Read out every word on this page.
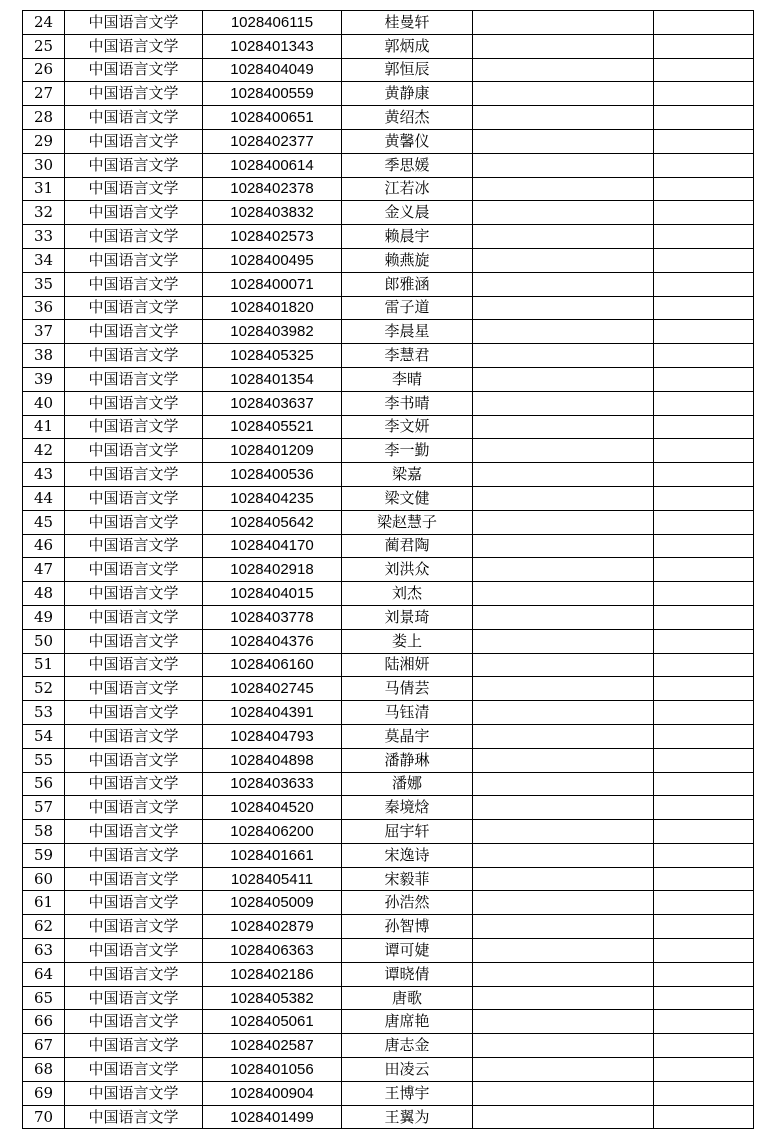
24	中国语言文学	1028406115	桂曼轩		
25	中国语言文学	1028401343	郭炳成		
26	中国语言文学	1028404049	郭恒辰		
27	中国语言文学	1028400559	黄静康		
28	中国语言文学	1028400651	黄绍杰		
29	中国语言文学	1028402377	黄馨仪		
30	中国语言文学	1028400614	季思媛		
31	中国语言文学	1028402378	江若冰		
32	中国语言文学	1028403832	金义晨		
33	中国语言文学	1028402573	赖晨宇		
34	中国语言文学	1028400495	赖燕旋		
35	中国语言文学	1028400071	郎雅涵		
36	中国语言文学	1028401820	雷子道		
37	中国语言文学	1028403982	李晨星		
38	中国语言文学	1028405325	李慧君		
39	中国语言文学	1028401354	李晴		
40	中国语言文学	1028403637	李书晴		
41	中国语言文学	1028405521	李文妍		
42	中国语言文学	1028401209	李一勤		
43	中国语言文学	1028400536	梁嘉		
44	中国语言文学	1028404235	梁文健		
45	中国语言文学	1028405642	梁赵慧子		
46	中国语言文学	1028404170	蔺君陶		
47	中国语言文学	1028402918	刘洪众		
48	中国语言文学	1028404015	刘杰		
49	中国语言文学	1028403778	刘景琦		
50	中国语言文学	1028404376	娄上		
51	中国语言文学	1028406160	陆湘妍		
52	中国语言文学	1028402745	马倩芸		
53	中国语言文学	1028404391	马钰清		
54	中国语言文学	1028404793	莫晶宇		
55	中国语言文学	1028404898	潘静琳		
56	中国语言文学	1028403633	潘娜		
57	中国语言文学	1028404520	秦境焓		
58	中国语言文学	1028406200	屈宇轩		
59	中国语言文学	1028401661	宋逸诗		
60	中国语言文学	1028405411	宋毅菲		
61	中国语言文学	1028405009	孙浩然		
62	中国语言文学	1028402879	孙智博		
63	中国语言文学	1028406363	谭可婕		
64	中国语言文学	1028402186	谭晓倩		
65	中国语言文学	1028405382	唐歌		
66	中国语言文学	1028405061	唐席艳		
67	中国语言文学	1028402587	唐志金		
68	中国语言文学	1028401056	田凌云		
69	中国语言文学	1028400904	王博宇		
70	中国语言文学	1028401499	王翼为		
